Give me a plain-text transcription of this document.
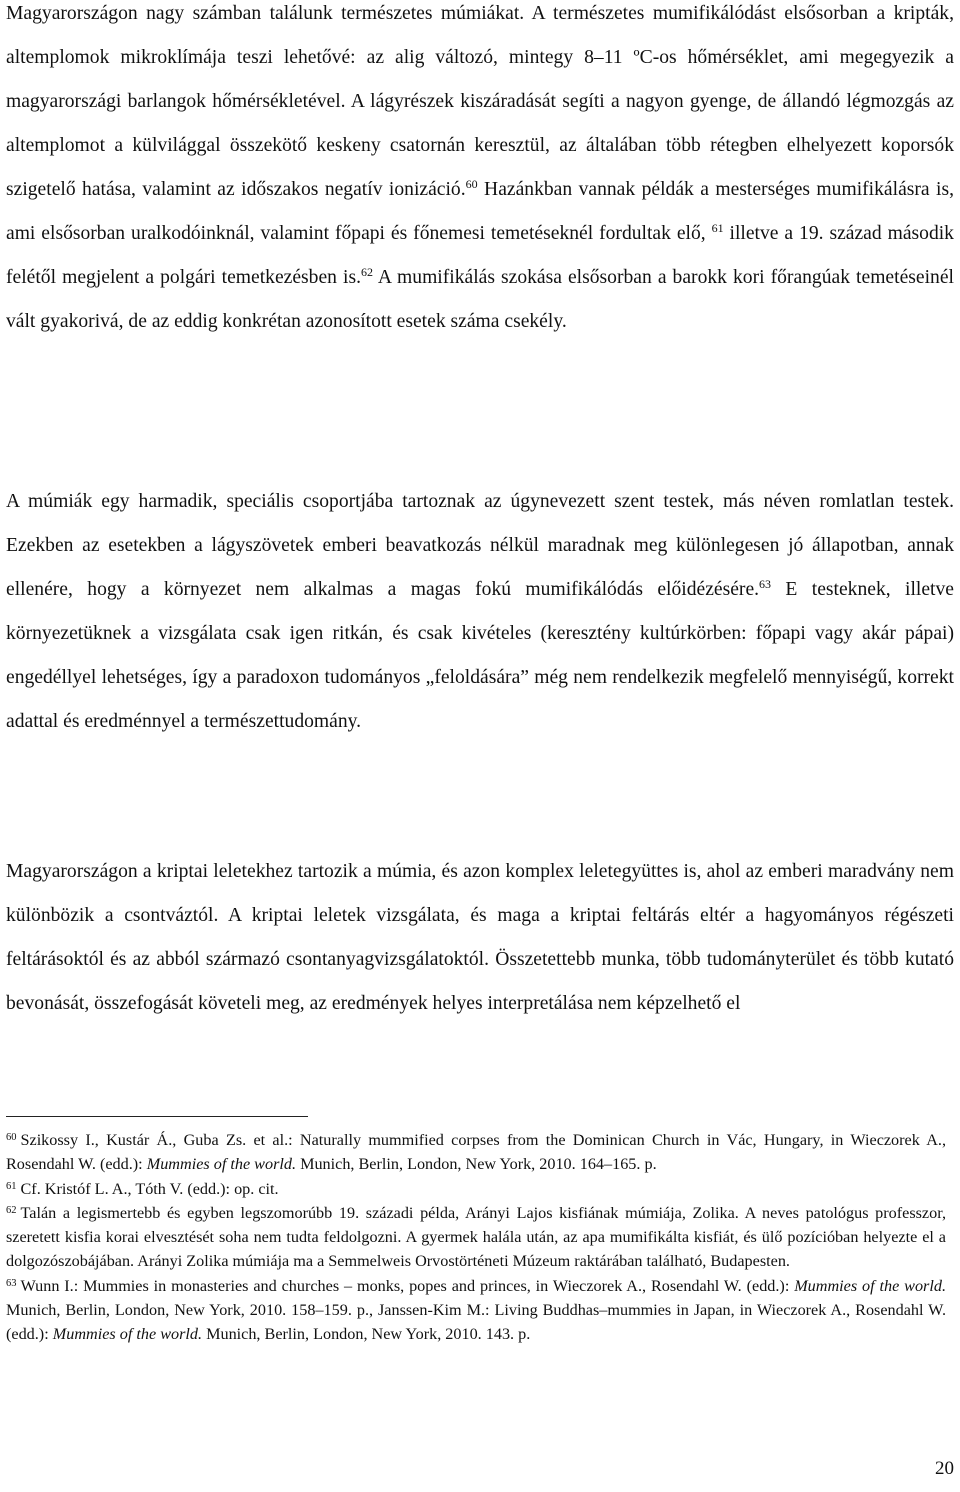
Magyarországon nagy számban találunk természetes múmiákat. A természetes mumifikálódást elsősorban a kripták, altemplomok mikroklímája teszi lehetővé: az alig változó, mintegy 8–11 ºC-os hőmérséklet, ami megegyezik a magyarországi barlangok hőmérsékletével. A lágyrészek kiszáradását segíti a nagyon gyenge, de állandó légmozgás az altemplomot a külvilággal összekötő keskeny csatornán keresztül, az általában több rétegben elhelyezett koporsók szigetelő hatása, valamint az időszakos negatív ionizáció.$^{60}$ Hazánkban vannak példák a mesterséges mumifikálásra is, ami elsősorban uralkodóinknál, valamint főpapi és főnemesi temetéseknél fordultak elő, $^{61}$ illetve a 19. század második felétől megjelent a polgári temetkezésben is.$^{62}$ A mumifikálás szokása elsősorban a barokk kori főrangúak temetéseinél vált gyakorivá, de az eddig konkrétan azonosított esetek száma csekély.

A múmiák egy harmadik, speciális csoportjába tartoznak az úgynevezett szent testek, más néven romlatlan testek. Ezekben az esetekben a lágyszövetek emberi beavatkozás nélkül maradnak meg különlegesen jó állapotban, annak ellenére, hogy a környezet nem alkalmas a magas fokú mumifikálódás előidézésére.$^{63}$ E testeknek, illetve környezetüknek a vizsgálata csak igen ritkán, és csak kivételes (keresztény kultúrkörben: főpapi vagy akár pápai) engedéllyel lehetséges, így a paradoxon tudományos „feloldására” még nem rendelkezik megfelelő mennyiségű, korrekt adattal és eredménnyel a természettudomány.

Magyarországon a kriptai leletekhez tartozik a múmia, és azon komplex leletegyüttes is, ahol az emberi maradvány nem különbözik a csontváztól. A kriptai leletek vizsgálata, és maga a kriptai feltárás eltér a hagyományos régészeti feltárásoktól és az abból származó csontanyagvizsgálatoktól. Összetettebb munka, több tudományterület és több kutató bevonását, összefogását követeli meg, az eredmények helyes interpretálása nem képzelhető el

$^{60}$ Szikossy I., Kustár Á., Guba Zs. et al.: Naturally mummified corpses from the Dominican Church in Vác, Hungary, in Wieczorek A., Rosendahl W. (edd.): Mummies of the world. Munich, Berlin, London, New York, 2010. 164–165. p.

$^{61}$ Cf. Kristóf L. A., Tóth V. (edd.): op. cit.

$^{62}$ Talán a legismertebb és egyben legszomorúbb 19. századi példa, Arányi Lajos kisfiának múmiája, Zolika. A neves patológus professzor, szeretett kisfia korai elvesztését soha nem tudta feldolgozni. A gyermek halála után, az apa mumifikálta kisfiát, és ülő pozícióban helyezte el a dolgozószobájában. Arányi Zolika múmiája ma a Semmelweis Orvostörténeti Múzeum raktárában található, Budapesten.

$^{63}$ Wunn I.: Mummies in monasteries and churches – monks, popes and princes, in Wieczorek A., Rosendahl W. (edd.): Mummies of the world. Munich, Berlin, London, New York, 2010. 158–159. p., Janssen-Kim M.: Living Buddhas–mummies in Japan, in Wieczorek A., Rosendahl W. (edd.): Mummies of the world. Munich, Berlin, London, New York, 2010. 143. p.

20
